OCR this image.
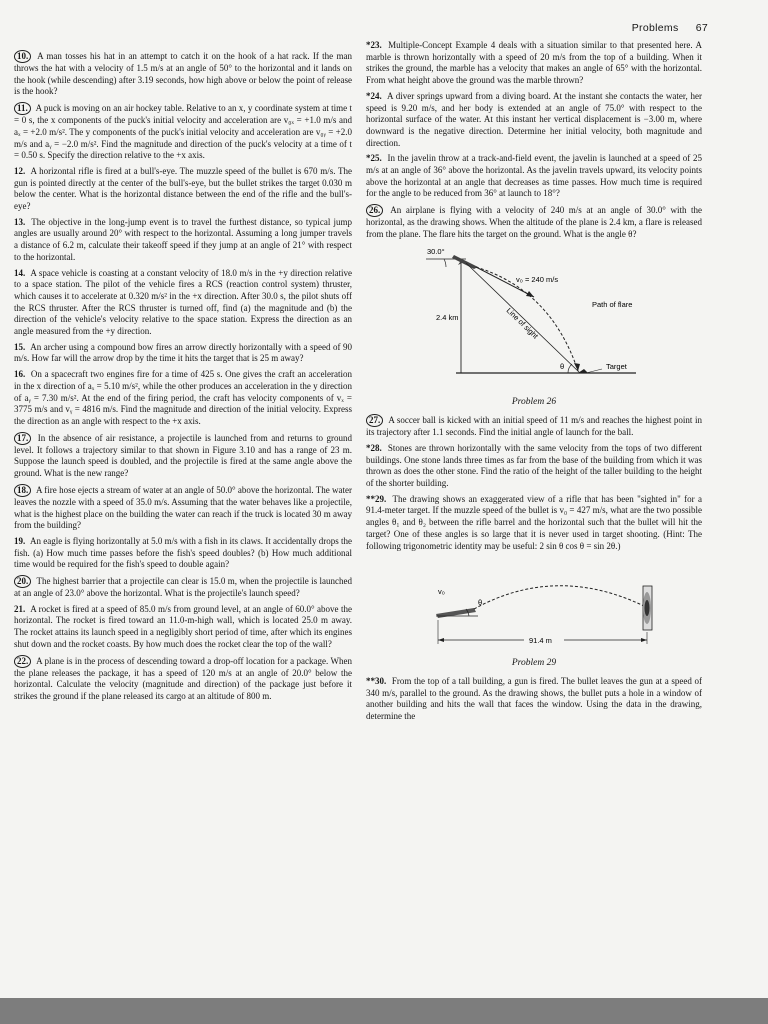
Problems 67

10. A man tosses his hat in an attempt to catch it on the hook of a hat rack. If the man throws the hat with a velocity of 1.5 m/s at an angle of 50° to the horizontal and it lands on the hook (while descending) after 3.19 seconds, how high above or below the point of release is the hook?

11. A puck is moving on an air hockey table. Relative to an x, y coordinate system at time t = 0 s, the x components of the puck's initial velocity and acceleration are v₀ₓ = +1.0 m/s and aₓ = +2.0 m/s². The y components of the puck's initial velocity and acceleration are v₀ᵧ = +2.0 m/s and aᵧ = −2.0 m/s². Find the magnitude and direction of the puck's velocity at a time of t = 0.50 s. Specify the direction relative to the +x axis.

12. A horizontal rifle is fired at a bull's-eye. The muzzle speed of the bullet is 670 m/s. The gun is pointed directly at the center of the bull's-eye, but the bullet strikes the target 0.030 m below the center. What is the horizontal distance between the end of the rifle and the bull's-eye?

13. The objective in the long-jump event is to travel the furthest distance, so typical jump angles are usually around 20° with respect to the horizontal. Assuming a long jumper travels a distance of 6.2 m, calculate their takeoff speed if they jump at an angle of 21° with respect to the horizontal.

14. A space vehicle is coasting at a constant velocity of 18.0 m/s in the +y direction relative to a space station. The pilot of the vehicle fires a RCS (reaction control system) thruster, which causes it to accelerate at 0.320 m/s² in the +x direction. After 30.0 s, the pilot shuts off the RCS thruster. After the RCS thruster is turned off, find (a) the magnitude and (b) the direction of the vehicle's velocity relative to the space station. Express the direction as an angle measured from the +y direction.

15. An archer using a compound bow fires an arrow directly horizontally with a speed of 90 m/s. How far will the arrow drop by the time it hits the target that is 25 m away?

16. On a spacecraft two engines fire for a time of 425 s. One gives the craft an acceleration in the x direction of aₓ = 5.10 m/s², while the other produces an acceleration in the y direction of aᵧ = 7.30 m/s². At the end of the firing period, the craft has velocity components of vₓ = 3775 m/s and vᵧ = 4816 m/s. Find the magnitude and direction of the initial velocity. Express the direction as an angle with respect to the +x axis.

17. In the absence of air resistance, a projectile is launched from and returns to ground level. It follows a trajectory similar to that shown in Figure 3.10 and has a range of 23 m. Suppose the launch speed is doubled, and the projectile is fired at the same angle above the ground. What is the new range?

18. A fire hose ejects a stream of water at an angle of 50.0° above the horizontal. The water leaves the nozzle with a speed of 35.0 m/s. Assuming that the water behaves like a projectile, what is the highest place on the building the water can reach if the truck is located 30 m away from the building?

19. An eagle is flying horizontally at 5.0 m/s with a fish in its claws. It accidentally drops the fish. (a) How much time passes before the fish's speed doubles? (b) How much additional time would be required for the fish's speed to double again?

20. The highest barrier that a projectile can clear is 15.0 m, when the projectile is launched at an angle of 23.0° above the horizontal. What is the projectile's launch speed?

21. A rocket is fired at a speed of 85.0 m/s from ground level, at an angle of 60.0° above the horizontal. The rocket is fired toward an 11.0-m-high wall, which is located 25.0 m away. The rocket attains its launch speed in a negligibly short period of time, after which its engines shut down and the rocket coasts. By how much does the rocket clear the top of the wall?

22. A plane is in the process of descending toward a drop-off location for a package. When the plane releases the package, it has a speed of 120 m/s at an angle of 20.0° below the horizontal. Calculate the velocity (magnitude and direction) of the package just before it strikes the ground if the plane released its cargo at an altitude of 800 m.

*23. Multiple-Concept Example 4 deals with a situation similar to that presented here. A marble is thrown horizontally with a speed of 20 m/s from the top of a building. When it strikes the ground, the marble has a velocity that makes an angle of 65° with the horizontal. From what height above the ground was the marble thrown?

*24. A diver springs upward from a diving board. At the instant she contacts the water, her speed is 9.20 m/s, and her body is extended at an angle of 75.0° with respect to the horizontal surface of the water. At this instant her vertical displacement is −3.00 m, where downward is the negative direction. Determine her initial velocity, both magnitude and direction.

*25. In the javelin throw at a track-and-field event, the javelin is launched at a speed of 25 m/s at an angle of 36° above the horizontal. As the javelin travels upward, its velocity points above the horizontal at an angle that decreases as time passes. How much time is required for the angle to be reduced from 36° at launch to 18°?

26. An airplane is flying with a velocity of 240 m/s at an angle of 30.0° with the horizontal, as the drawing shows. When the altitude of the plane is 2.4 km, a flare is released from the plane. The flare hits the target on the ground. What is the angle θ?

30.0°
v₀ = 240 m/s
2.4 km	Line of sight
Path of flare
θ	Target
Problem 26

27. A soccer ball is kicked with an initial speed of 11 m/s and reaches the highest point in its trajectory after 1.1 seconds. Find the initial angle of launch for the ball.

*28. Stones are thrown horizontally with the same velocity from the tops of two different buildings. One stone lands three times as far from the base of the building from which it was thrown as does the other stone. Find the ratio of the height of the taller building to the height of the shorter building.

**29. The drawing shows an exaggerated view of a rifle that has been "sighted in" for a 91.4-meter target. If the muzzle speed of the bullet is v₀ = 427 m/s, what are the two possible angles θ₁ and θ₂ between the rifle barrel and the horizontal such that the bullet will hit the target? One of these angles is so large that it is never used in target shooting. (Hint: The following trigonometric identity may be useful: 2 sin θ cos θ = sin 2θ.)

v₀
θ
91.4 m
Problem 29

**30. From the top of a tall building, a gun is fired. The bullet leaves the gun at a speed of 340 m/s, parallel to the ground. As the drawing shows, the bullet puts a hole in a window of another building and hits the wall that faces the window. Using the data in the drawing, determine the
